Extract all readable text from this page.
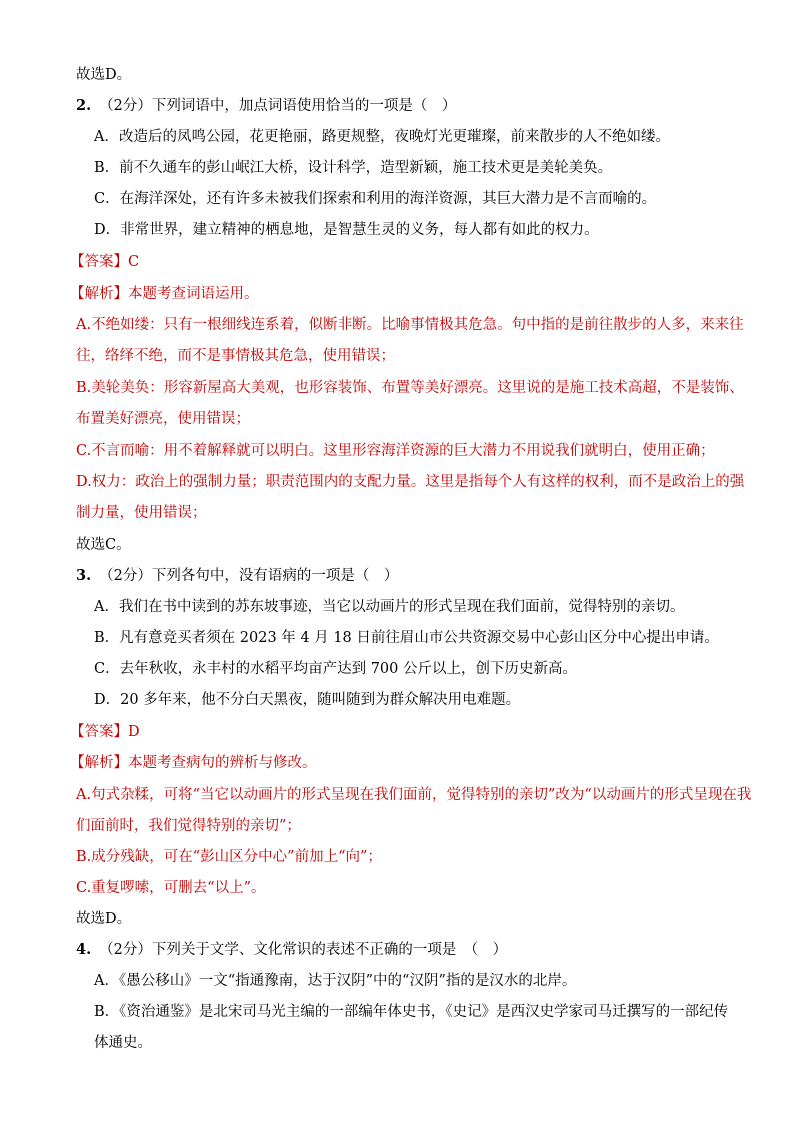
故选D。
2. （2分）下列词语中，加点词语使用恰当的一项是（　）
A．改造后的凤鸣公园，花更艳丽，路更规整，夜晚灯光更璀璨，前来散步的人不绝如缕。
B．前不久通车的彭山岷江大桥，设计科学，造型新颖，施工技术更是美轮美奂。
C．在海洋深处，还有许多未被我们探索和利用的海洋资源，其巨大潜力是不言而喻的。
D．非常世界，建立精神的栖息地，是智慧生灵的义务，每人都有如此的权力。
【答案】C
【解析】本题考查词语运用。
A.不绝如缕：只有一根细线连系着，似断非断。比喻事情极其危急。句中指的是前往散步的人多，来来往
往，络绎不绝，而不是事情极其危急，使用错误；
B.美轮美奂：形容新屋高大美观，也形容装饰、布置等美好漂亮。这里说的是施工技术高超，不是装饰、
布置美好漂亮，使用错误；
C.不言而喻：用不着解释就可以明白。这里形容海洋资源的巨大潜力不用说我们就明白，使用正确；
D.权力：政治上的强制力量；职责范围内的支配力量。这里是指每个人有这样的权利，而不是政治上的强
制力量，使用错误；
故选C。
3. （2分）下列各句中，没有语病的一项是（　）
A．我们在书中读到的苏东坡事迹，当它以动画片的形式呈现在我们面前，觉得特别的亲切。
B．凡有意竞买者须在 2023 年 4 月 18 日前往眉山市公共资源交易中心彭山区分中心提出申请。
C．去年秋收，永丰村的水稻平均亩产达到 700 公斤以上，创下历史新高。
D．20 多年来，他不分白天黑夜，随叫随到为群众解决用电难题。
【答案】D
【解析】本题考查病句的辨析与修改。
A.句式杂糅，可将“当它以动画片的形式呈现在我们面前，觉得特别的亲切”改为“以动画片的形式呈现在我
们面前时，我们觉得特别的亲切”；
B.成分残缺，可在“彭山区分中心”前加上“向”；
C.重复啰嗦，可删去“以上”。
故选D。
4. （2分）下列关于文学、文化常识的表述不正确的一项是　（　）
A．《愚公移山》一文“指通豫南，达于汉阴”中的“汉阴”指的是汉水的北岸。
B．《资治通鉴》是北宋司马光主编的一部编年体史书，《史记》是西汉史学家司马迁撰写的一部纪传
体通史。
